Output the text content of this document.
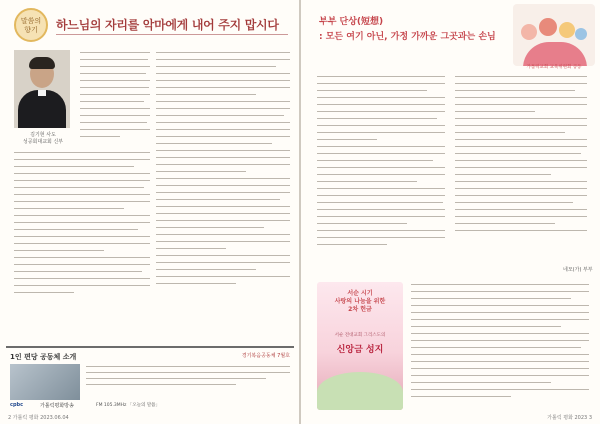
말씀의
향기	하느님의 자리를 악마에게 내어 주지 맙시다
김기현 사도
성공회대교회 신부
1인 편당 공동체 소개	경기복음공동체 7월호
cpbc	가톨릭평화방송	FM 105.3MHz 「오늘의 말씀」
2 가톨릭 평화 2023.06.04
부부 단상(短想)
: 모든 여기 아닌, 가정 가까운 그곳과는 손님
가톨릭교회 교육위원회 공동
네모(가) 부부
서순 시기
사랑의 나눔을 위한
2차 헌금
서순 전대교회 그리스도의
신앙금 성지
가톨릭 평화 2023 3
